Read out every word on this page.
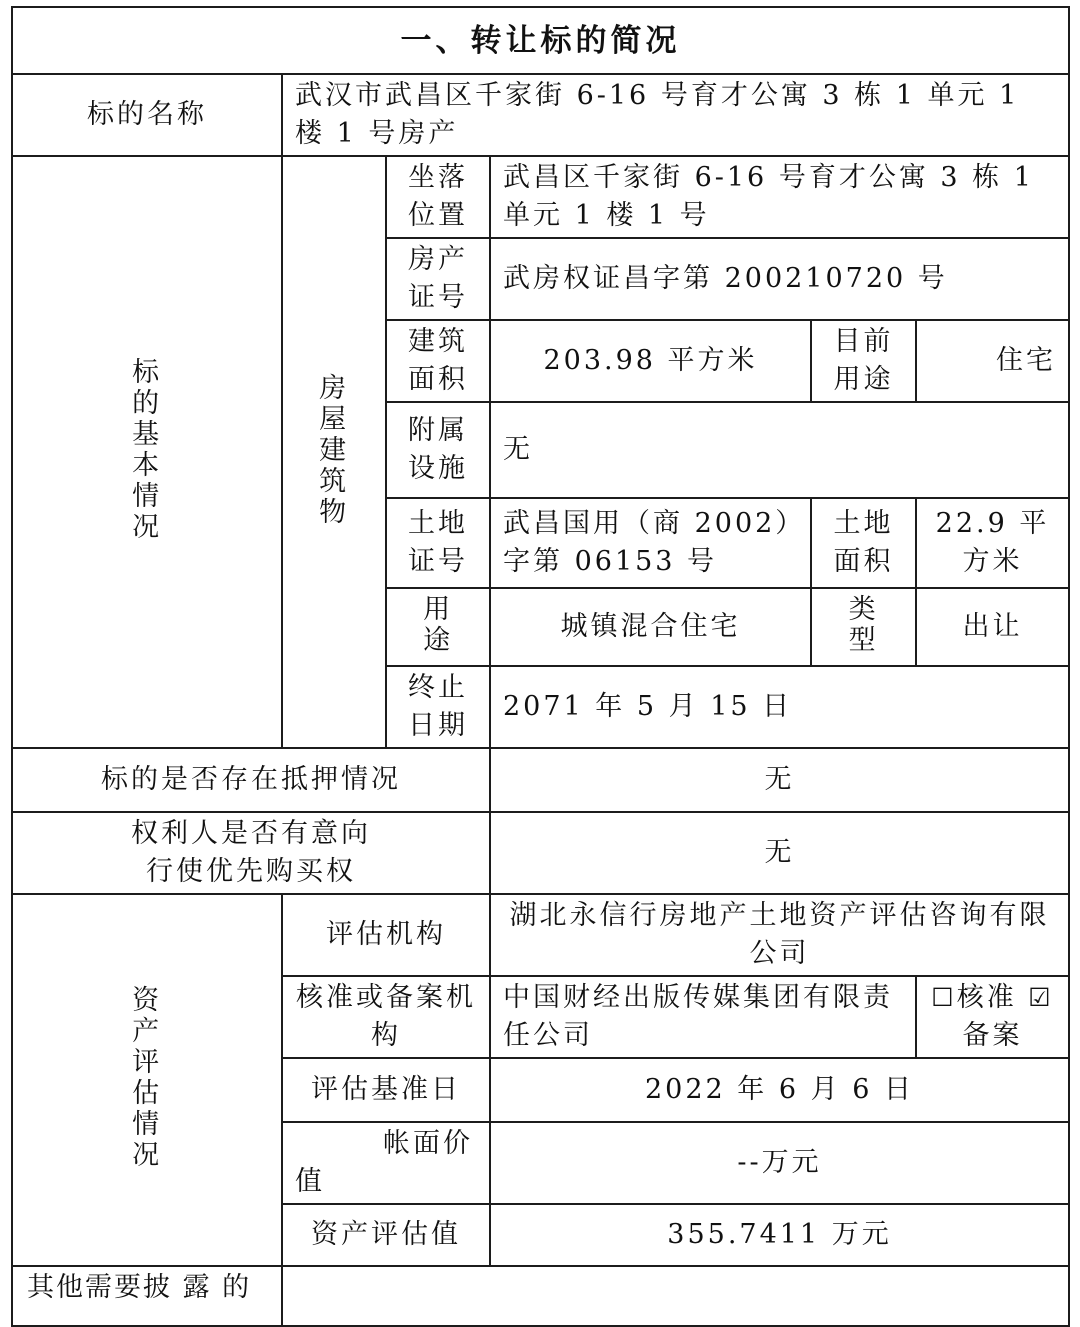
一、转让标的简况					
标的名称	武汉市武昌区千家街 6-16 号育才公寓 3 栋 1 单元 1 楼 1 号房产				
标的基本情况	房屋建筑物	坐落位置	武昌区千家街 6-16 号育才公寓 3 栋 1 单元 1 楼 1 号		
		房产证号	武房权证昌字第 200210720 号		
		建筑面积	203.98 平方米	目前用途	住宅
		附属设施	无		
		土地证号	武昌国用（商 2002）字第 06153 号	土地面积	22.9 平方米
		用途	城镇混合住宅	类型	出让
		终止日期	2071 年 5 月 15 日		
标的是否存在抵押情况			无		

权利人是否有意向
行使优先购买权			无		
资产评估情况	评估机构		湖北永信行房地产土地资产评估咨询有限公司		
	核准或备案机构		中国财经出版传媒集团有限责任公司		☐核准 ☑备案
	评估基准日		2022 年 6 月 6 日		
	帐面价值		--万元		
	资产评估值		355.7411 万元		
其他需要披 露 的					
